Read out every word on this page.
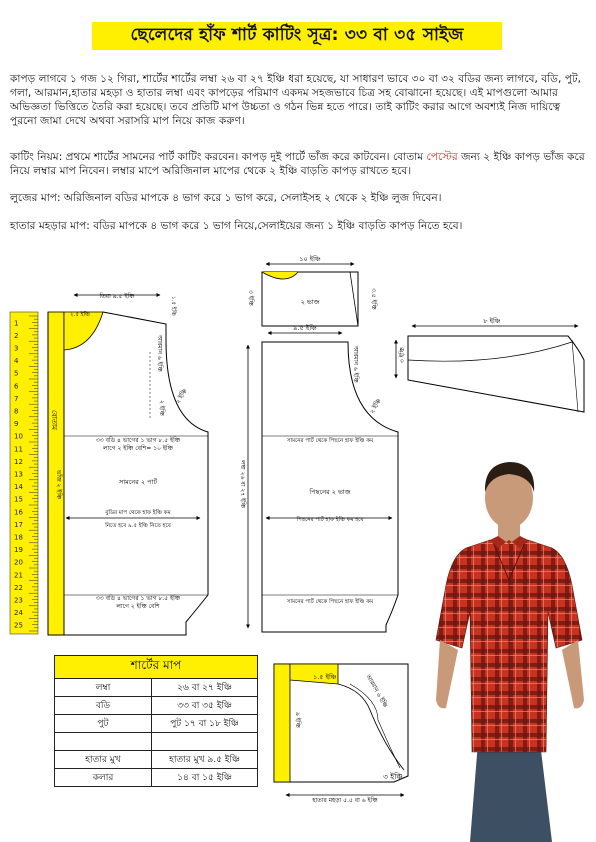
ছেলেদের হাঁফ শার্ট কাটিং সূত্র: ৩৩ বা ৩৫ সাইজ
কাপড় লাগবে ১ গজ ১২ গিরা, শার্টের শার্টের লম্বা ২৬ বা ২৭ ইঞ্চি ধরা হয়েছে, যা সাধারণ ভাবে ৩০ বা ৩২ বডির জন্য লাগবে, বডি, পুট, গলা, আরমান,হাতার মহড়া ও হাতার লম্বা এবং কাপড়ের পরিমাণ একদম সহজভাবে চিত্র সহ বোঝানো হয়েছে। এই মাপগুলো আমার অভিজ্ঞতা ভিত্তিতে তৈরি করা হয়েছে। তবে প্রতিটি মাপ উচ্চতা ও গঠন ভিন্ন হতে পারে। তাই কাটিং করার আগে অবশ্যই নিজ দায়িত্বে পুরনো জামা দেখে অথবা সরাসরি মাপ নিয়ে কাজ করুণ।
কাটিং নিয়ম: প্রথমে শার্টের সামনের পার্ট কাটিং করবেন। কাপড় দুই পার্টে ভাঁজ করে কাটবেন। বোতাম পেস্টের জন্য ২ ইঞ্চি কাপড় ভাঁজ করে নিয়ে লম্বার মাপ নিবেন। লম্বার মাপে অরিজিনাল মাপের থেকে ২ ইঞ্চি বাড়তি কাপড় রাখতে হবে।
লুজের মাপ: অরিজিনাল বডির মাপকে ৪ ভাগ করে ১ ভাগ করে, সেলাইসহ ২ থেকে ২ ইঞ্চি লুজ দিবেন।
হাতার মহড়ার মাপ: বডির মাপকে ৪ ভাগ করে ১ ভাগ নিয়ে,সেলাইয়ের জন্য ১ ইঞ্চি বাড়তি কাপড় নিতে হবে।
1
2
3
4
5
6
7
8
9
10
11
12
13
14
15
16
17
18
19
20
21
22
23
24
25
তিরা ৯.৫ ইঞ্চি
২.৫ ইঞ্চি	১.৫ ইঞ্চি
আরমান ৬ ইঞ্চি
২ ইঞ্চি
২ ইঞ্চি
বোতাম
ভাঁজ ২ ইঞ্চি
৩৩ বডি ৪ ভাগের ১ ভাগ ৮.৫ ইঞ্চি
লাগে ২ ইঞ্চি বেশি= ১০ ইঞ্চি
সামনের ২ পার্ট
বুডির মাপ থেকে হাফ ইঞ্চি কম
নিতে হবে ৯.৫ ইঞ্চি নিতে হবে
৩৩ বডি ৪ ভাগের ১ ভাগ ৮.৫ ইঞ্চি
লাগে ২ ইঞ্চি বেশি
১০ ইঞ্চি
৩ ইঞ্চি	৩.৫ ইঞ্চি
২ ভাজ
৯.৫ ইঞ্চি
আরমান ৬ ইঞ্চি
২ ইঞ্চি
লম্বা ২৬ বা ২৭ ইঞ্চি
সামনের পার্ট থেকে পিছনে হাফ ইঞ্চি কম
পিছনের ২ ভাজ
পিছনের পার্ট হাফ ইঞ্চি কম হবে
সামনের পার্ট থেকে পিছনে হাফ ইঞ্চি কম
৮ ইঞ্চি
৩ ইঞ্চি
১.৫ ইঞ্চি	আরমান ৬ ইঞ্চি
৯ ইঞ্চি
৩ ইঞ্চি
হাতার মহড়া ৫.৫ বা ৬ ইঞ্চি
শার্টের মাপ	
লম্বা	২৬ বা ২৭ ইঞ্চি
বডি	৩৩ বা ৩৫ ইঞ্চি
পুট	পুট ১৭ বা ১৮ ইঞ্চি

হাতার মুখ	হাতার মুখ ৯.৫ ইঞ্চি
কলার	১৪ বা ১৫ ইঞ্চি
